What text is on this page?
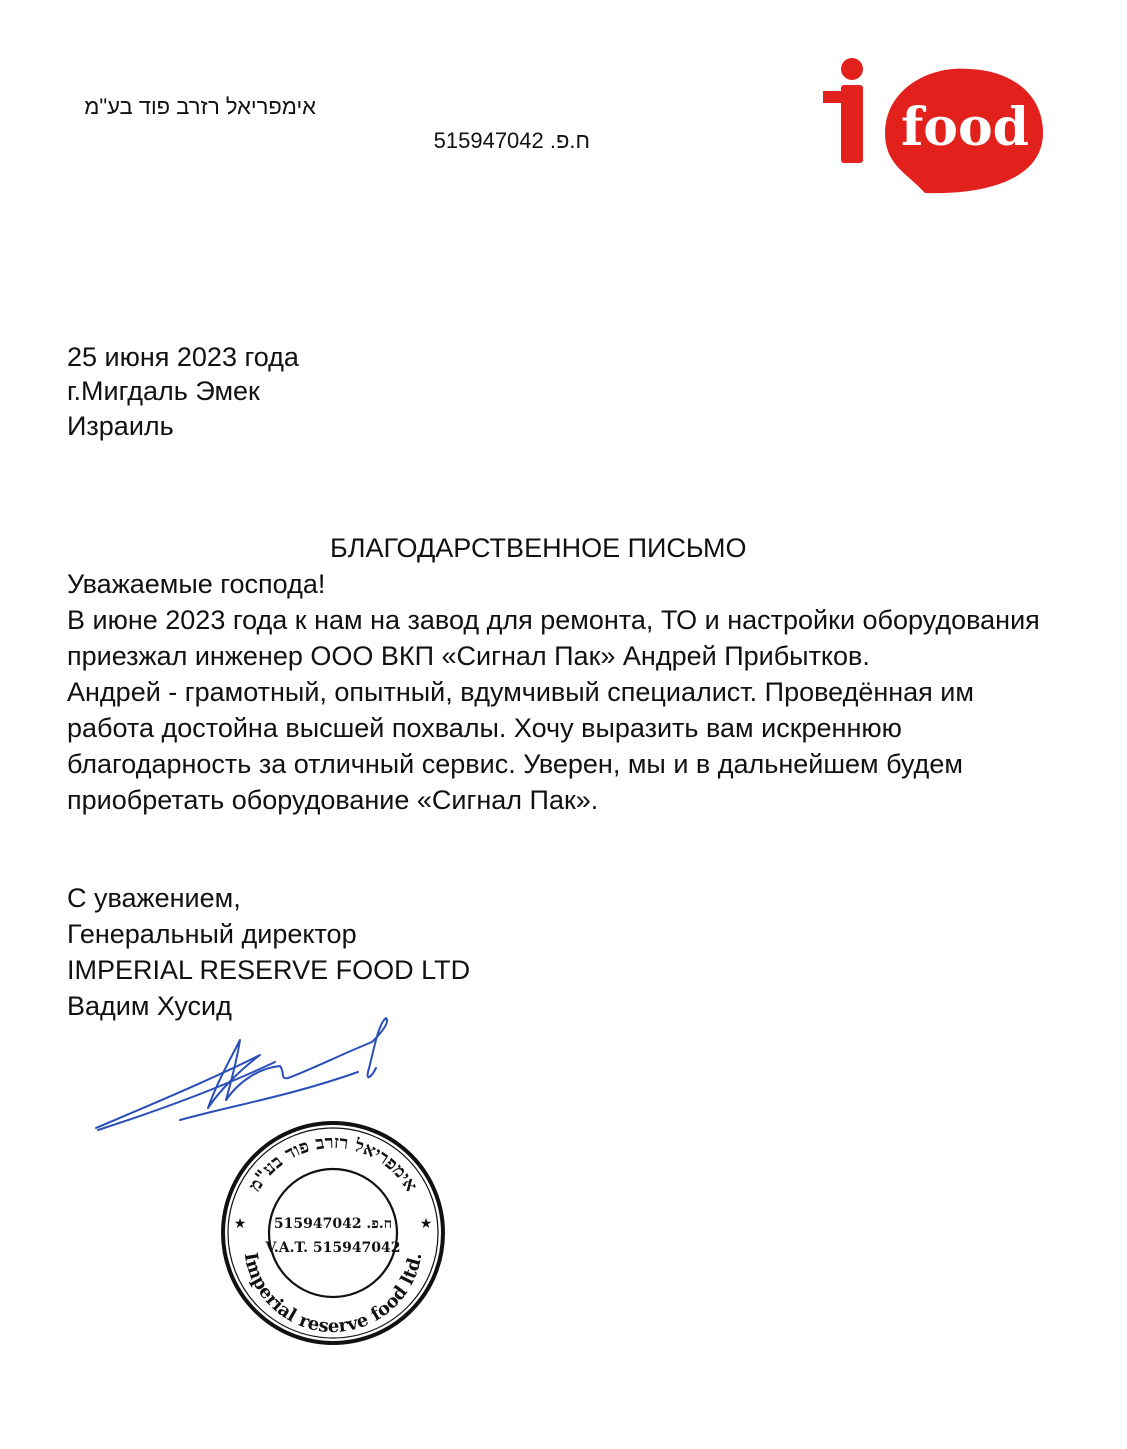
אימפריאל רזרב פוד בע"מ
ח.פ. 515947042	food
25 июня 2023 года
г.Мигдаль Эмек
Израиль
БЛАГОДАРСТВЕННОЕ ПИСЬМО

Уважаемые господа!

В июне 2023 года к нам на завод для ремонта, ТО и настройки оборудования приезжал инженер ООО ВКП «Сигнал Пак» Андрей Прибытков.

Андрей - грамотный, опытный, вдумчивый специалист. Проведённая им работа достойна высшей похвалы. Хочу выразить вам искреннюю благодарность за отличный сервис. Уверен, мы и в дальнейшем будем приобретать оборудование «Сигнал Пак».

С уважением,
Генеральный директор
IMPERIAL RESERVE FOOD LTD
Вадим Хусид
אימפריאל רזרב פוד בע"מ
Imperial reserve food ltd.
515947042 .ח.פ
V.A.T. 515947042
★	★
